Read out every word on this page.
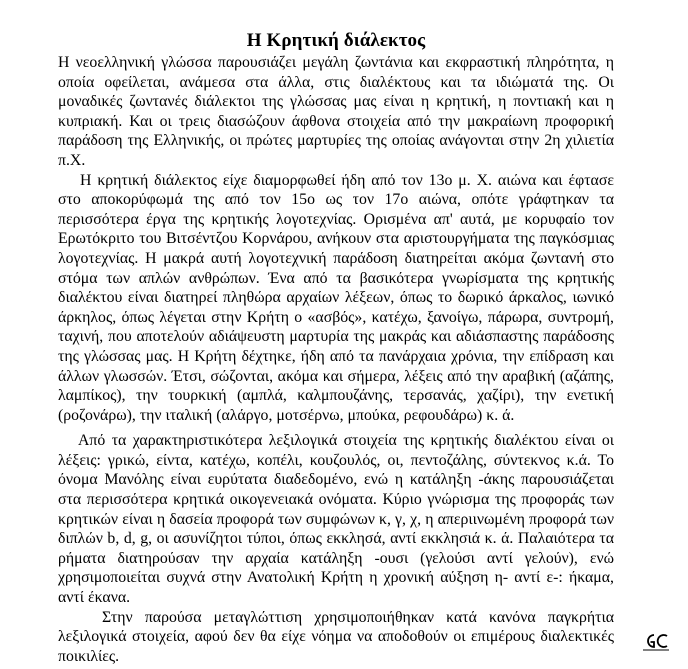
Η Κρητική διάλεκτος

Η νεοελληνική γλώσσα παρουσιάζει μεγάλη ζωντάνια και εκφραστική πληρότητα, η οποία οφείλεται, ανάμεσα στα άλλα, στις διαλέκτους και τα ιδιώματά της. Οι μοναδικές ζωντανές διάλεκτοι της γλώσσας μας είναι η κρητική, η ποντιακή και η κυπριακή. Και οι τρεις διασώζουν άφθονα στοιχεία από την μακραίωνη προφορική παράδοση της Ελληνικής, οι πρώτες μαρτυρίες της οποίας ανάγονται στην 2η χιλιετία π.Χ.

Η κρητική διάλεκτος είχε διαμορφωθεί ήδη από τον 13ο μ. Χ. αιώνα και έφτασε στο αποκορύφωμά της από τον 15ο ως τον 17ο αιώνα, οπότε γράφτηκαν τα περισσότερα έργα της κρητικής λογοτεχνίας. Ορισμένα απ' αυτά, με κορυφαίο τον Ερωτόκριτο του Βιτσέντζου Κορνάρου, ανήκουν στα αριστουργήματα της παγκόσμιας λογοτεχνίας. Η μακρά αυτή λογοτεχνική παράδοση διατηρείται ακόμα ζωντανή στο στόμα των απλών ανθρώπων. Ένα από τα βασικότερα γνωρίσματα της κρητικής διαλέκτου είναι διατηρεί πληθώρα αρχαίων λέξεων, όπως το δωρικό άρκαλος, ιωνικό άρκηλος, όπως λέγεται στην Κρήτη ο «ασβός», κατέχω, ξανοίγω, πάρωρα, συντρομή, ταχινή, που αποτελούν αδιάψευστη μαρτυρία της μακράς και αδιάσπαστης παράδοσης της γλώσσας μας. Η Κρήτη δέχτηκε, ήδη από τα πανάρχαια χρόνια, την επίδραση και άλλων γλωσσών. Έτσι, σώζονται, ακόμα και σήμερα, λέξεις από την αραβική (αζάπης, λαμπίκος), την τουρκική (αμπλά, καλμπουζάνης, τερσανάς, χαζίρι), την ενετική (ροζονάρω), την ιταλική (αλάργο, μοτσέρνω, μπούκα, ρεφουδάρω) κ. ά.

Από τα χαρακτηριστικότερα λεξιλογικά στοιχεία της κρητικής διαλέκτου είναι οι λέξεις: γρικώ, είντα, κατέχω, κοπέλι, κουζουλός, οι, πεντοζάλης, σύντεκνος κ.ά. Το όνομα Μανόλης είναι ευρύτατα διαδεδομένο, ενώ η κατάληξη -άκης παρουσιάζεται στα περισσότερα κρητικά οικογενειακά ονόματα. Κύριο γνώρισμα της προφοράς των κρητικών είναι η δασεία προφορά των συμφώνων κ, γ, χ, η απεριινωμένη προφορά των διπλών b, d, g, οι ασυνίζητοι τύποι, όπως εκκλησά, αντί εκκλησιά κ. ά. Παλαιότερα τα ρήματα διατηρούσαν την αρχαία κατάληξη -ουσι (γελούσι αντί γελούν), ενώ χρησιμοποιείται συχνά στην Ανατολική Κρήτη η χρονική αύξηση η- αντί ε-: ήκαμα, αντί έκανα.

Στην παρούσα μεταγλώττιση χρησιμοποιήθηκαν κατά κανόνα παγκρήτια λεξιλογικά στοιχεία, αφού δεν θα είχε νόημα να αποδοθούν οι επιμέρους διαλεκτικές ποικιλίες.
